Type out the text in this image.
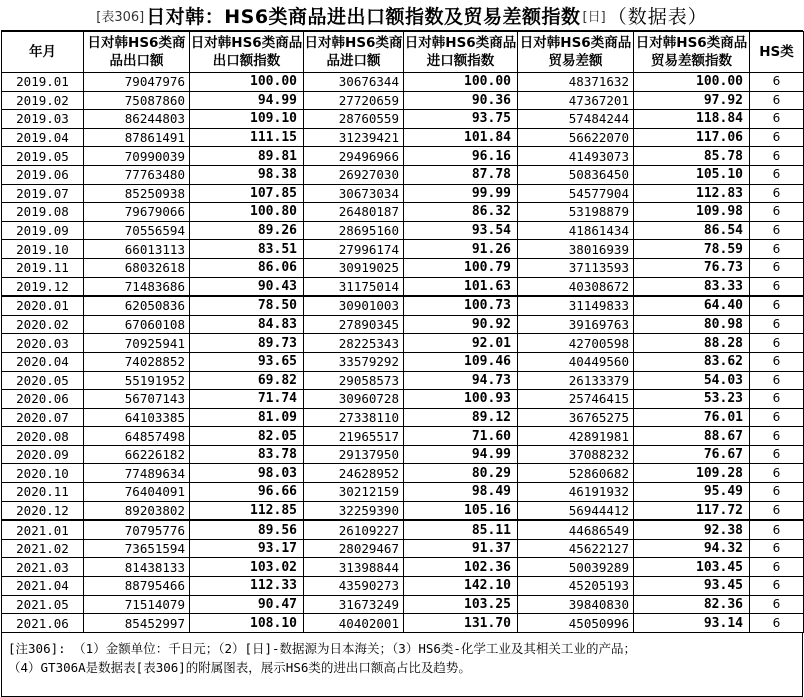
[表306] 日对韩：HS6类商品进出口额指数及贸易差额指数 [日] （数据表）
年月	日对韩HS6类商品出口额	日对韩HS6类商品出口额指数	日对韩HS6类商品进口额	日对韩HS6类商品进口额指数	日对韩HS6类商品贸易差额	日对韩HS6类商品贸易差额指数	HS类
2019.01	79047976	100.00	30676344	100.00	48371632	100.00	6
2019.02	75087860	94.99	27720659	90.36	47367201	97.92	6
2019.03	86244803	109.10	28760559	93.75	57484244	118.84	6
2019.04	87861491	111.15	31239421	101.84	56622070	117.06	6
2019.05	70990039	89.81	29496966	96.16	41493073	85.78	6
2019.06	77763480	98.38	26927030	87.78	50836450	105.10	6
2019.07	85250938	107.85	30673034	99.99	54577904	112.83	6
2019.08	79679066	100.80	26480187	86.32	53198879	109.98	6
2019.09	70556594	89.26	28695160	93.54	41861434	86.54	6
2019.10	66013113	83.51	27996174	91.26	38016939	78.59	6
2019.11	68032618	86.06	30919025	100.79	37113593	76.73	6
2019.12	71483686	90.43	31175014	101.63	40308672	83.33	6
2020.01	62050836	78.50	30901003	100.73	31149833	64.40	6
2020.02	67060108	84.83	27890345	90.92	39169763	80.98	6
2020.03	70925941	89.73	28225343	92.01	42700598	88.28	6
2020.04	74028852	93.65	33579292	109.46	40449560	83.62	6
2020.05	55191952	69.82	29058573	94.73	26133379	54.03	6
2020.06	56707143	71.74	30960728	100.93	25746415	53.23	6
2020.07	64103385	81.09	27338110	89.12	36765275	76.01	6
2020.08	64857498	82.05	21965517	71.60	42891981	88.67	6
2020.09	66226182	83.78	29137950	94.99	37088232	76.67	6
2020.10	77489634	98.03	24628952	80.29	52860682	109.28	6
2020.11	76404091	96.66	30212159	98.49	46191932	95.49	6
2020.12	89203802	112.85	32259390	105.16	56944412	117.72	6
2021.01	70795776	89.56	26109227	85.11	44686549	92.38	6
2021.02	73651594	93.17	28029467	91.37	45622127	94.32	6
2021.03	81438133	103.02	31398844	102.36	50039289	103.45	6
2021.04	88795466	112.33	43590273	142.10	45205193	93.45	6
2021.05	71514079	90.47	31673249	103.25	39840830	82.36	6
2021.06	85452997	108.10	40402001	131.70	45050996	93.14	6
[注306]: （1）金额单位：千日元；（2）[日]-数据源为日本海关；（3）HS6类-化学工业及其相关工业的产品；
（4）GT306A是数据表[表306]的附属图表，展示HS6类的进出口额高占比及趋势。
